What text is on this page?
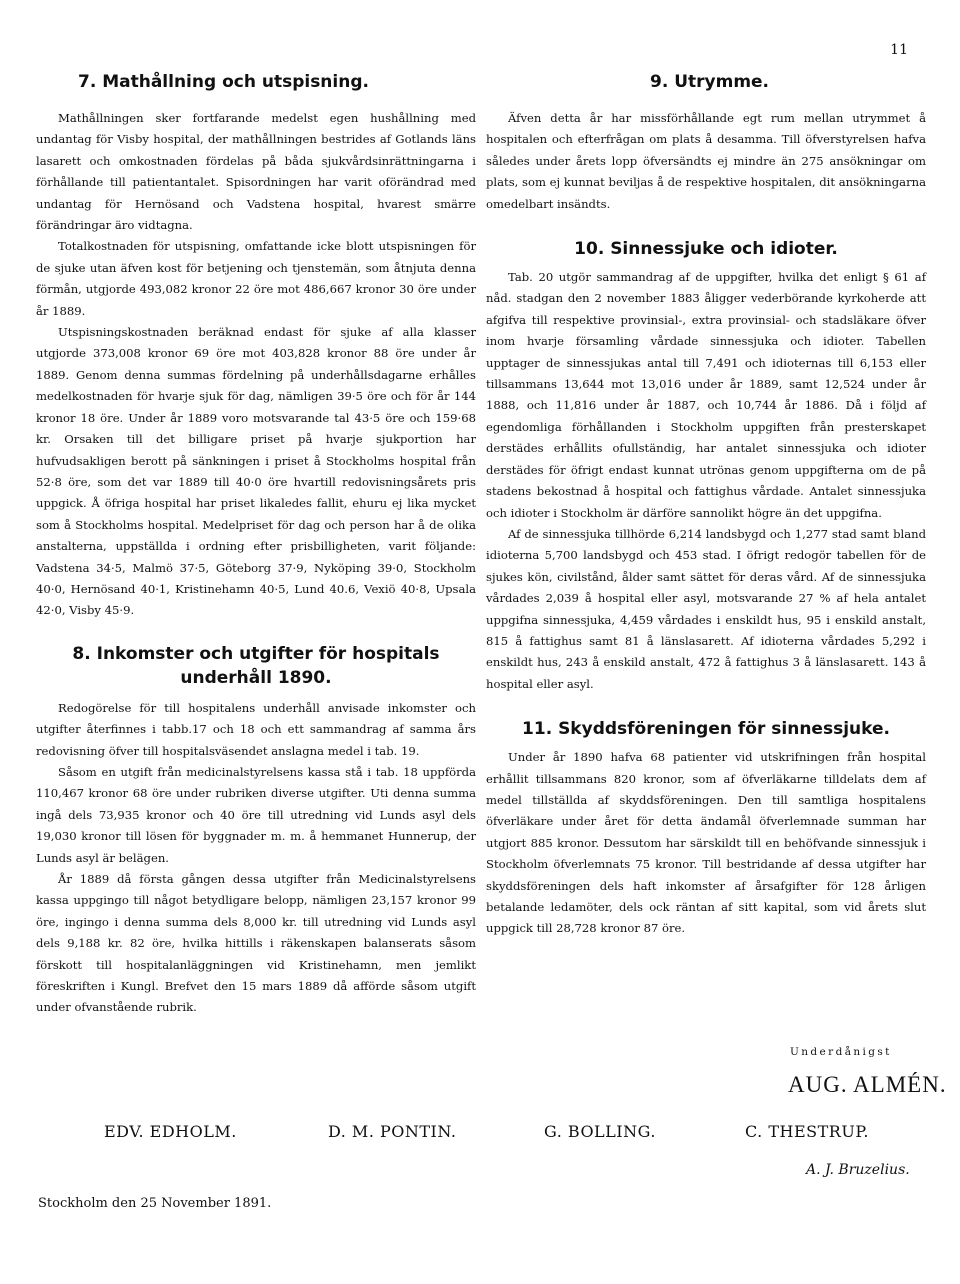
11
7. Mathållning och utspisning.

Mathållningen sker fortfarande medelst egen hushållning med undantag för Visby hospital, der mathållningen bestrides af Gotlands läns lasarett och omkostnaden fördelas på båda sjukvårdsinrättningarna i förhållande till patientantalet. Spisordningen har varit oförändrad med undantag för Hernösand och Vadstena hospital, hvarest smärre förändringar äro vidtagna.

Totalkostnaden för utspisning, omfattande icke blott utspisningen för de sjuke utan äfven kost för betjening och tjenstemän, som åtnjuta denna förmån, utgjorde 493,082 kronor 22 öre mot 486,667 kronor 30 öre under år 1889.

Utspisningskostnaden beräknad endast för sjuke af alla klasser utgjorde 373,008 kronor 69 öre mot 403,828 kronor 88 öre under år 1889. Genom denna summas fördelning på underhållsdagarne erhålles medelkostnaden för hvarje sjuk för dag, nämligen 39·5 öre och för år 144 kronor 18 öre. Under år 1889 voro motsvarande tal 43·5 öre och 159·68 kr. Orsaken till det billigare priset på hvarje sjukportion har hufvudsakligen berott på sänkningen i priset å Stockholms hospital från 52·8 öre, som det var 1889 till 40·0 öre hvartill redovisningsårets pris uppgick. Å öfriga hospital har priset likaledes fallit, ehuru ej lika mycket som å Stockholms hospital. Medelpriset för dag och person har å de olika anstalterna, uppställda i ordning efter prisbilligheten, varit följande: Vadstena 34·5, Malmö 37·5, Göteborg 37·9, Nyköping 39·0, Stockholm 40·0, Hernösand 40·1, Kristinehamn 40·5, Lund 40.6, Vexiö 40·8, Upsala 42·0, Visby 45·9.

8. Inkomster och utgifter för hospitals
underhåll 1890.

Redogörelse för till hospitalens underhåll anvisade inkomster och utgifter återfinnes i tabb.17 och 18 och ett sammandrag af samma års redovisning öfver till hospitalsväsendet anslagna medel i tab. 19.

Såsom en utgift från medicinalstyrelsens kassa stå i tab. 18 uppförda 110,467 kronor 68 öre under rubriken diverse utgifter. Uti denna summa ingå dels 73,935 kronor och 40 öre till utredning vid Lunds asyl dels 19,030 kronor till lösen för byggnader m. m. å hemmanet Hunnerup, der Lunds asyl är belägen.

År 1889 då första gången dessa utgifter från Medicinalstyrelsens kassa uppgingo till något betydligare belopp, nämligen 23,157 kronor 99 öre, ingingo i denna summa dels 8,000 kr. till utredning vid Lunds asyl dels 9,188 kr. 82 öre, hvilka hittills i räkenskapen balanserats såsom förskott till hospitalanläggningen vid Kristinehamn, men jemlikt föreskriften i Kungl. Brefvet den 15 mars 1889 då afförde såsom utgift under ofvanstående rubrik.

9. Utrymme.

Äfven detta år har missförhållande egt rum mellan utrymmet å hospitalen och efterfrågan om plats å desamma. Till öfverstyrelsen hafva således under årets lopp öfversändts ej mindre än 275 ansökningar om plats, som ej kunnat beviljas å de respektive hospitalen, dit ansökningarna omedelbart insändts.

10. Sinnessjuke och idioter.

Tab. 20 utgör sammandrag af de uppgifter, hvilka det enligt § 61 af nåd. stadgan den 2 november 1883 åligger vederbörande kyrkoherde att afgifva till respektive provinsial-, extra provinsial- och stadsläkare öfver inom hvarje församling vårdade sinnessjuka och idioter. Tabellen upptager de sinnessjukas antal till 7,491 och idioternas till 6,153 eller tillsammans 13,644 mot 13,016 under år 1889, samt 12,524 under år 1888, och 11,816 under år 1887, och 10,744 år 1886. Då i följd af egendomliga förhållanden i Stockholm uppgiften från presterskapet derstädes erhållits ofullständig, har antalet sinnessjuka och idioter derstädes för öfrigt endast kunnat utrönas genom uppgifterna om de på stadens bekostnad å hospital och fattighus vårdade. Antalet sinnessjuka och idioter i Stockholm är därföre sannolikt högre än det uppgifna.

Af de sinnessjuka tillhörde 6,214 landsbygd och 1,277 stad samt bland idioterna 5,700 landsbygd och 453 stad. I öfrigt redogör tabellen för de sjukes kön, civilstånd, ålder samt sättet för deras vård. Af de sinnessjuka vårdades 2,039 å hospital eller asyl, motsvarande 27 % af hela antalet uppgifna sinnessjuka, 4,459 vårdades i enskildt hus, 95 i enskild anstalt, 815 å fattighus samt 81 å länslasarett. Af idioterna vårdades 5,292 i enskildt hus, 243 å enskild anstalt, 472 å fattighus 3 å länslasarett. 143 å hospital eller asyl.

11. Skyddsföreningen för sinnessjuke.

Under år 1890 hafva 68 patienter vid utskrifningen från hospital erhållit tillsammans 820 kronor, som af öfverläkarne tilldelats dem af medel tillställda af skyddsföreningen. Den till samtliga hospitalens öfverläkare under året för detta ändamål öfverlemnade summan har utgjort 885 kronor. Dessutom har särskildt till en behöfvande sinnessjuk i Stockholm öfverlemnats 75 kronor. Till bestridande af dessa utgifter har skyddsföreningen dels haft inkomster af årsafgifter för 128 årligen betalande ledamöter, dels ock räntan af sitt kapital, som vid årets slut uppgick till 28,728 kronor 87 öre.

Underdånigst
AUG. ALMÉN.
EDV. EDHOLM.	D. M. PONTIN.	G. BOLLING.	C. THESTRUP.
A. J. Bruzelius.
Stockholm den 25 November 1891.
